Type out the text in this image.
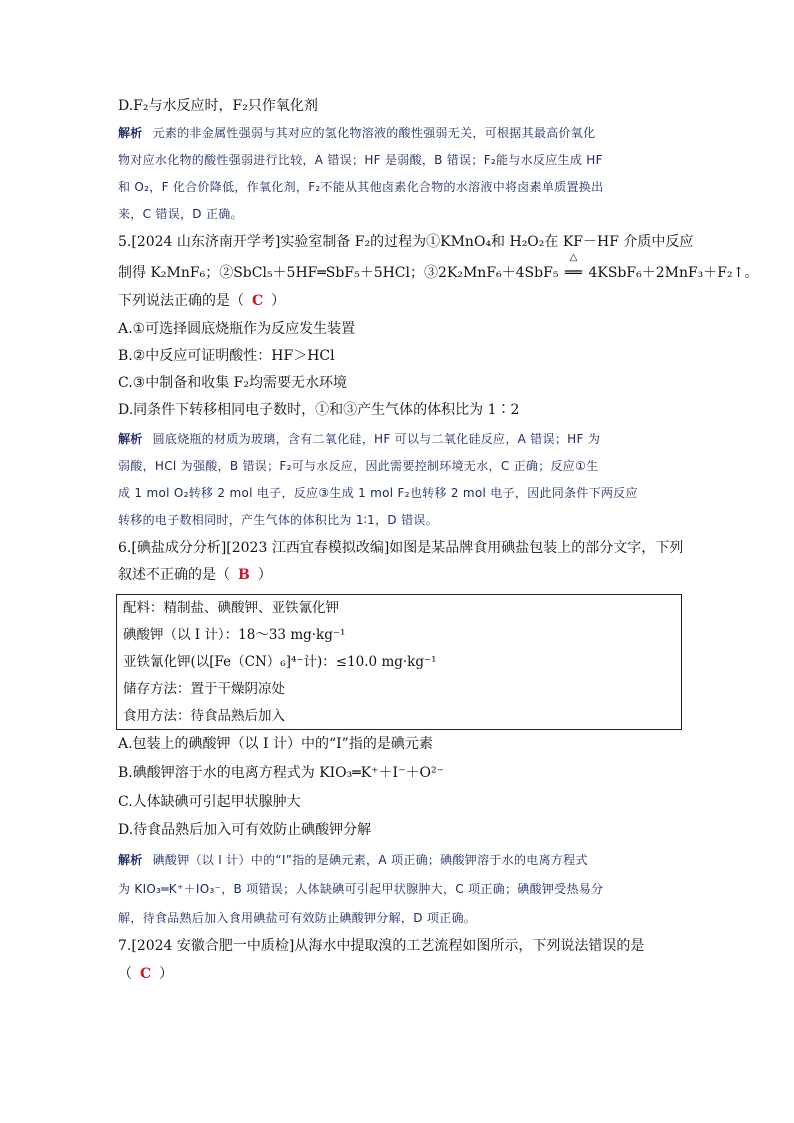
D.F₂与水反应时，F₂只作氧化剂
解析 元素的非金属性强弱与其对应的氢化物溶液的酸性强弱无关，可根据其最高价氧化
物对应水化物的酸性强弱进行比较，A 错误；HF 是弱酸，B 错误；F₂能与水反应生成 HF
和 O₂，F 化合价降低，作氧化剂，F₂不能从其他卤素化合物的水溶液中将卤素单质置换出
来，C 错误，D 正确。
5.[2024 山东济南开学考]实验室制备 F₂的过程为①KMnO₄和 H₂O₂在 KF－HF 介质中反应
制得 K₂MnF₆；②SbCl₅＋5HF═SbF₅＋5HCl；③2K₂MnF₆＋4SbF₅
△
══ 4KSbF₆＋2MnF₃＋F₂↑。
下列说法正确的是（ C ）
A.①可选择圆底烧瓶作为反应发生装置
B.②中反应可证明酸性：HF＞HCl
C.③中制备和收集 F₂均需要无水环境
D.同条件下转移相同电子数时，①和③产生气体的体积比为 1∶2
解析 圆底烧瓶的材质为玻璃，含有二氧化硅，HF 可以与二氧化硅反应，A 错误；HF 为
弱酸，HCl 为强酸，B 错误；F₂可与水反应，因此需要控制环境无水，C 正确；反应①生
成 1 mol O₂转移 2 mol 电子，反应③生成 1 mol F₂也转移 2 mol 电子，因此同条件下两反应
转移的电子数相同时，产生气体的体积比为 1∶1，D 错误。
6.[碘盐成分分析][2023 江西宜春模拟改编]如图是某品牌食用碘盐包装上的部分文字，下列
叙述不正确的是（ B ）
配料：精制盐、碘酸钾、亚铁氰化钾
碘酸钾（以 I 计）：18～33 mg·kg⁻¹
亚铁氰化钾(以[Fe（CN）₆]⁴⁻计)：≤10.0 mg·kg⁻¹
储存方法：置于干燥阴凉处
食用方法：待食品熟后加入
A.包装上的碘酸钾（以 I 计）中的“I”指的是碘元素
B.碘酸钾溶于水的电离方程式为 KIO₃═K⁺＋I⁻＋O²⁻
C.人体缺碘可引起甲状腺肿大
D.待食品熟后加入可有效防止碘酸钾分解
解析 碘酸钾（以 I 计）中的“I”指的是碘元素，A 项正确；碘酸钾溶于水的电离方程式
为 KIO₃═K⁺＋IO₃⁻，B 项错误；人体缺碘可引起甲状腺肿大，C 项正确；碘酸钾受热易分
解，待食品熟后加入食用碘盐可有效防止碘酸钾分解，D 项正确。
7.[2024 安徽合肥一中质检]从海水中提取溴的工艺流程如图所示，下列说法错误的是
（ C ）
